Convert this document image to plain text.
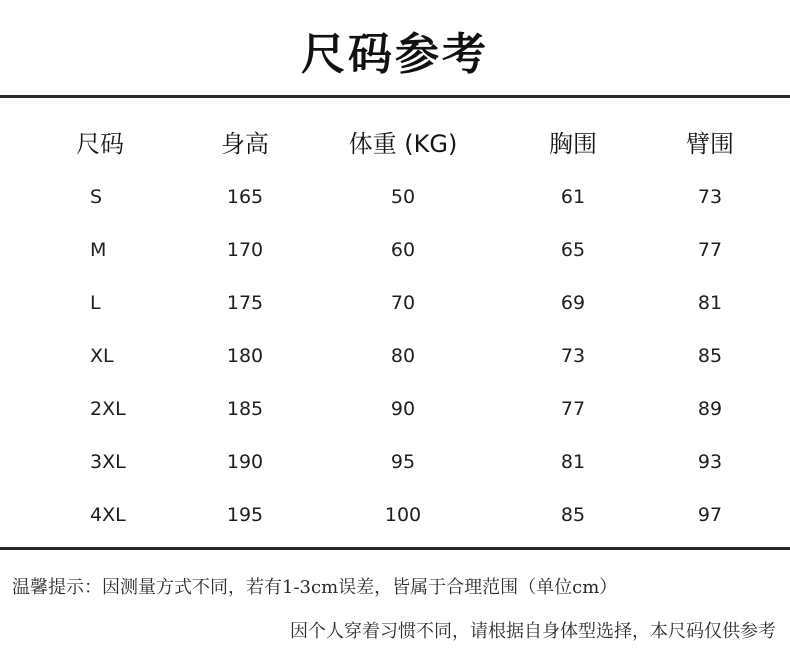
尺码参考
尺码	身高	体重 (KG)	胸围	臂围
S	165	50	61	73
M	170	60	65	77
L	175	70	69	81
XL	180	80	73	85
2XL	185	90	77	89
3XL	190	95	81	93
4XL	195	100	85	97
温馨提示：因测量方式不同，若有1-3cm误差，皆属于合理范围（单位cm）
因个人穿着习惯不同，请根据自身体型选择，本尺码仅供参考
